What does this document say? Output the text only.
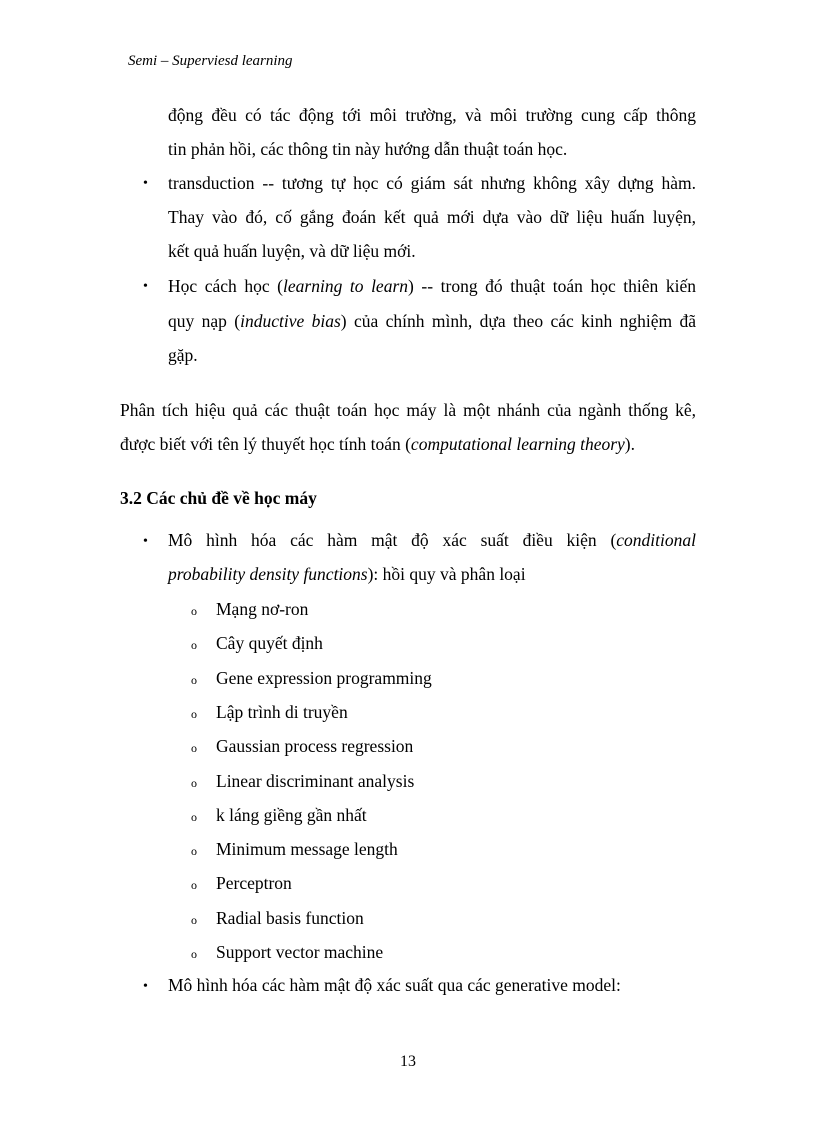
Semi – Superviesd learning
động đều có tác động tới môi trường, và môi trường cung cấp thông
tin phản hồi, các thông tin này hướng dẫn thuật toán học.
• transduction -- tương tự học có giám sát nhưng không xây dựng hàm.
Thay vào đó, cố gắng đoán kết quả mới dựa vào dữ liệu huấn luyện,
kết quả huấn luyện, và dữ liệu mới.
• Học cách học (learning to learn) -- trong đó thuật toán học thiên kiến
quy nạp (inductive bias) của chính mình, dựa theo các kinh nghiệm đã
gặp.
Phân tích hiệu quả các thuật toán học máy là một nhánh của ngành thống kê,
được biết với tên lý thuyết học tính toán (computational learning theory).
3.2 Các chủ đề về học máy
• Mô hình hóa các hàm mật độ xác suất điều kiện (conditional
probability density functions): hồi quy và phân loại
o Mạng nơ-ron
o Cây quyết định
o Gene expression programming
o Lập trình di truyền
o Gaussian process regression
o Linear discriminant analysis
o k láng giềng gần nhất
o Minimum message length
o Perceptron
o Radial basis function
o Support vector machine
• Mô hình hóa các hàm mật độ xác suất qua các generative model:
13
